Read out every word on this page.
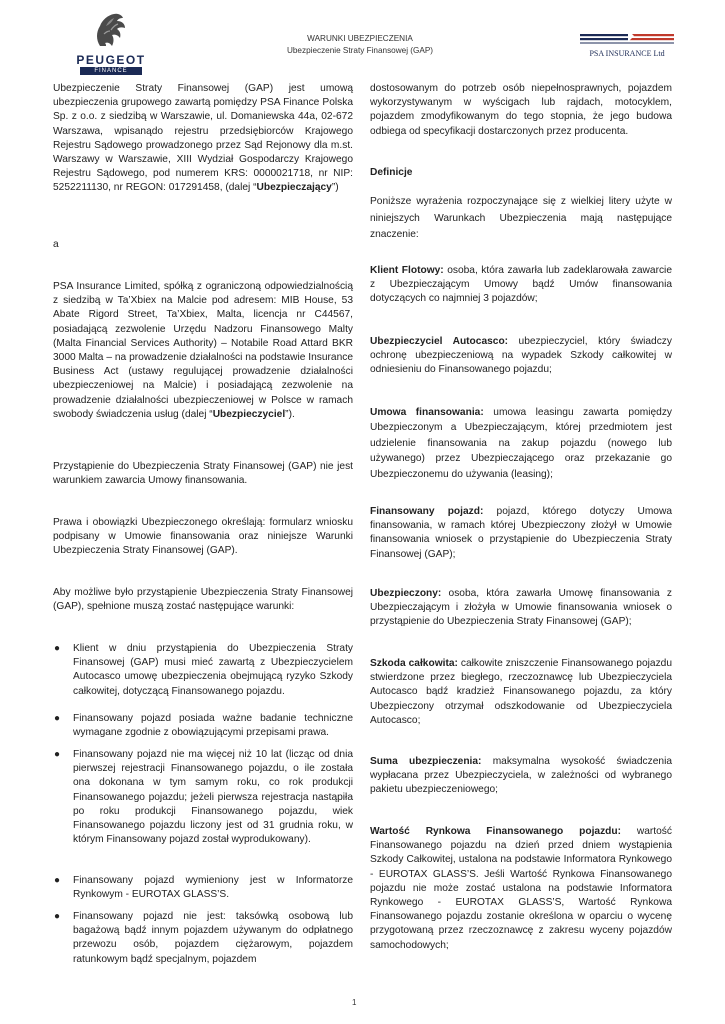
PEUGEOT
FINANCE
WARUNKI UBEZPIECZENIA
Ubezpieczenie Straty Finansowej (GAP)	PSA INSURANCE Ltd
Ubezpieczenie Straty Finansowej (GAP) jest umową ubezpieczenia grupowego zawartą pomiędzy PSA Finance Polska Sp. z o.o. z siedzibą w Warszawie, ul. Domaniewska 44a, 02-672 Warszawa, wpisanądo rejestru przedsiębiorców Krajowego Rejestru Sądowego prowadzonego przez Sąd Rejonowy dla m.st. Warszawy w Warszawie, XIII Wydział Gospodarczy Krajowego Rejestru Sądowego, pod numerem KRS: 0000021718, nr NIP: 5252211130, nr REGON: 017291458, (dalej “Ubezpieczający”)
a
PSA Insurance Limited, spółką z ograniczoną odpowiedzialnością z siedzibą w Ta’Xbiex na Malcie pod adresem: MIB House, 53 Abate Rigord Street, Ta’Xbiex, Malta, licencja nr C44567, posiadającą zezwolenie Urzędu Nadzoru Finansowego Malty (Malta Financial Services Authority) – Notabile Road Attard BKR 3000 Malta – na prowadzenie działalności na podstawie Insurance Business Act (ustawy regulującej prowadzenie działalności ubezpieczeniowej na Malcie) i posiadającą zezwolenie na prowadzenie działalności ubezpieczeniowej w Polsce w ramach swobody świadczenia usług (dalej “Ubezpieczyciel”).
Przystąpienie do Ubezpieczenia Straty Finansowej (GAP) nie jest warunkiem zawarcia Umowy finansowania.
Prawa i obowiązki Ubezpieczonego określają: formularz wniosku podpisany w Umowie finansowania oraz niniejsze Warunki Ubezpieczenia Straty Finansowej (GAP).
Aby możliwe było przystąpienie Ubezpieczenia Straty Finansowej (GAP), spełnione muszą zostać następujące warunki:
● Klient w dniu przystąpienia do Ubezpieczenia Straty Finansowej (GAP) musi mieć zawartą z Ubezpieczycielem Autocasco umowę ubezpieczenia obejmującą ryzyko Szkody całkowitej, dotyczącą Finansowanego pojazdu.
● Finansowany pojazd posiada ważne badanie techniczne wymagane zgodnie z obowiązującymi przepisami prawa.
● Finansowany pojazd nie ma więcej niż 10 lat (licząc od dnia pierwszej rejestracji Finansowanego pojazdu, o ile została ona dokonana w tym samym roku, co rok produkcji Finansowanego pojazdu; jeżeli pierwsza rejestracja nastąpiła po roku produkcji Finansowanego pojazdu, wiek Finansowanego pojazdu liczony jest od 31 grudnia roku, w którym Finansowany pojazd został wyprodukowany).
● Finansowany pojazd wymieniony jest w Informatorze Rynkowym - EUROTAX GLASS’S.
● Finansowany pojazd nie jest: taksówką osobową lub bagażową bądź innym pojazdem używanym do odpłatnego przewozu osób, pojazdem ciężarowym, pojazdem ratunkowym bądź specjalnym, pojazdem
dostosowanym do potrzeb osób niepełnosprawnych, pojazdem wykorzystywanym w wyścigach lub rajdach, motocyklem, pojazdem zmodyfikowanym do tego stopnia, że jego budowa odbiega od specyfikacji dostarczonych przez producenta.
Definicje
Poniższe wyrażenia rozpoczynające się z wielkiej litery użyte w niniejszych Warunkach Ubezpieczenia mają następujące znaczenie:
Klient Flotowy: osoba, która zawarła lub zadeklarowała zawarcie z Ubezpieczającym Umowy bądź Umów finansowania dotyczących co najmniej 3 pojazdów;
Ubezpieczyciel Autocasco: ubezpieczyciel, który świadczy ochronę ubezpieczeniową na wypadek Szkody całkowitej w odniesieniu do Finansowanego pojazdu;
Umowa finansowania: umowa leasingu zawarta pomiędzy Ubezpieczonym a Ubezpieczającym, której przedmiotem jest udzielenie finansowania na zakup pojazdu (nowego lub używanego) przez Ubezpieczającego oraz przekazanie go Ubezpieczonemu do używania (leasing);
Finansowany pojazd: pojazd, którego dotyczy Umowa finansowania, w ramach której Ubezpieczony złożył w Umowie finansowania wniosek o przystąpienie do Ubezpieczenia Straty Finansowej (GAP);
Ubezpieczony: osoba, która zawarła Umowę finansowania z Ubezpieczającym i złożyła w Umowie finansowania wniosek o przystąpienie do Ubezpieczenia Straty Finansowej (GAP);
Szkoda całkowita: całkowite zniszczenie Finansowanego pojazdu stwierdzone przez biegłego, rzeczoznawcę lub Ubezpieczyciela Autocasco bądź kradzież Finansowanego pojazdu, za który Ubezpieczony otrzymał odszkodowanie od Ubezpieczyciela Autocasco;
Suma ubezpieczenia: maksymalna wysokość świadczenia wypłacana przez Ubezpieczyciela, w zależności od wybranego pakietu ubezpieczeniowego;
Wartość Rynkowa Finansowanego pojazdu: wartość Finansowanego pojazdu na dzień przed dniem wystąpienia Szkody Całkowitej, ustalona na podstawie Informatora Rynkowego - EUROTAX GLASS’S. Jeśli Wartość Rynkowa Finansowanego pojazdu nie może zostać ustalona na podstawie Informatora Rynkowego - EUROTAX GLASS’S, Wartość Rynkowa Finansowanego pojazdu zostanie określona w oparciu o wycenę przygotowaną przez rzeczoznawcę z zakresu wyceny pojazdów samochodowych;
1
